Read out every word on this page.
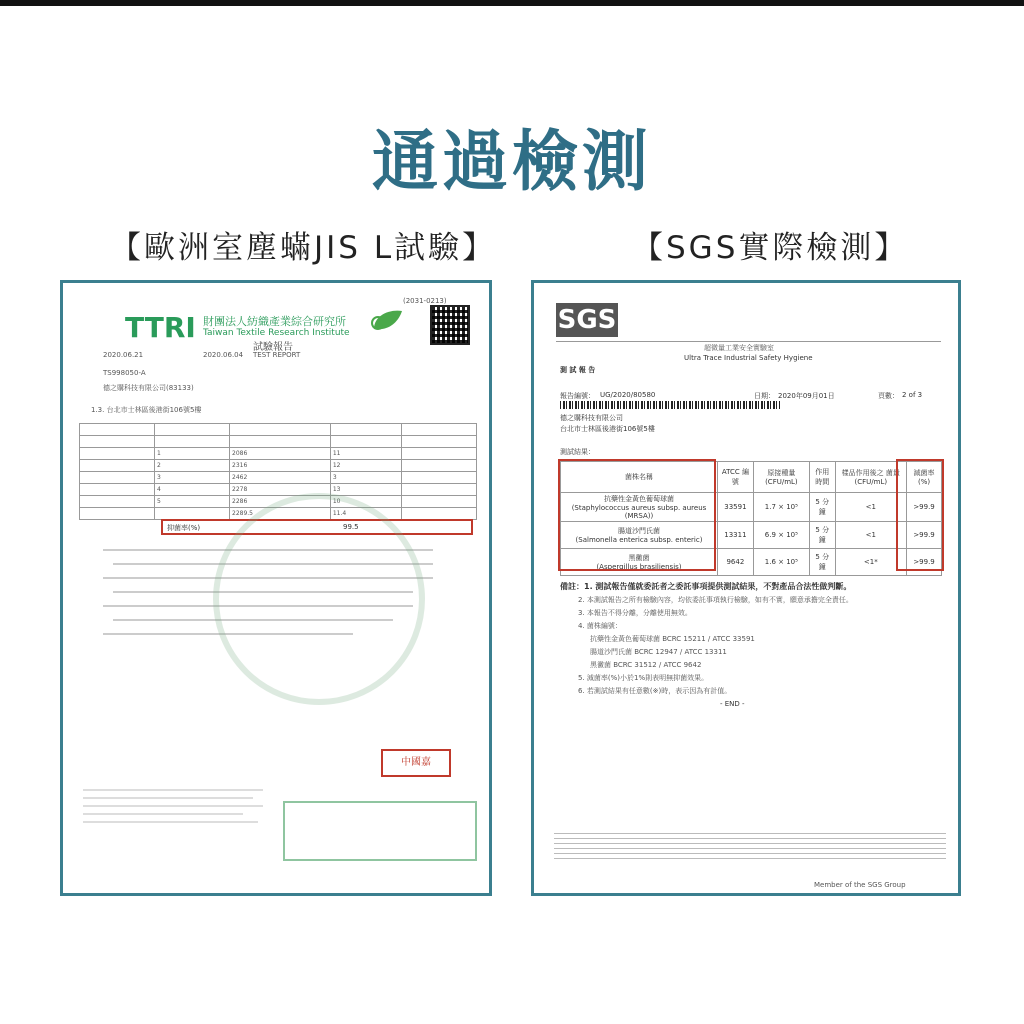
通過檢測
【歐洲室塵蟎JIS L試驗】	【SGS實際檢測】
(2031-0213)
TTRI 財團法人紡織產業綜合研究所
Taiwan Textile Research Institute
試驗報告
TEST REPORT
2020.06.21	2020.06.04
TS998050-A
德之購科技有限公司(83133)
1.3. 台北市士林區後港街106號5樓

	1	2086	11	
	2	2316	12	
	3	2462	3	
	4	2278	13	
	5	2286	10	
		2289.5	11.4	
抑菌率(%)	99.5
中國嘉
SGS
超微量工業安全實驗室
Ultra Trace Industrial Safety Hygiene
測 試 報 告
報告編號： UG/2020/80580	日期： 2020年09月01日	頁數： 2 of 3
德之購科技有限公司
台北市士林區後港街106號5樓
測試結果：
菌株名稱	ATCC 編號	原接種量 (CFU/mL)	作用時間	樣品作用後之 菌量(CFU/mL)	減菌率(%)
抗藥性金黃色葡萄球菌
(Staphylococcus aureus subsp. aureus (MRSA))	33591	1.7 × 10⁵	5 分鐘	<1	>99.9
腸道沙門氏菌
(Salmonella enterica subsp. enteric)	13311	6.9 × 10⁵	5 分鐘	<1	>99.9
黑黴菌
(Aspergillus brasiliensis)	9642	1.6 × 10⁵	5 分鐘	<1*	>99.9
備註：1. 測試報告僅就委託者之委託事項提供測試結果，不對產品合法性做判斷。
2. 本測試報告之所有檢驗內容，均依委託事項執行檢驗，如有不實，願意承擔完全責任。
3. 本報告不得分離，分離使用無效。
4. 菌株編號：
抗藥性金黃色葡萄球菌 BCRC 15211 / ATCC 33591
腸道沙門氏菌 BCRC 12947 / ATCC 13311
黑黴菌 BCRC 31512 / ATCC 9642
5. 減菌率(%)小於1%則表明無抑菌效果。
6. 若測試結果有任意數(※)時，表示因為有計值。
- END -
Member of the SGS Group
